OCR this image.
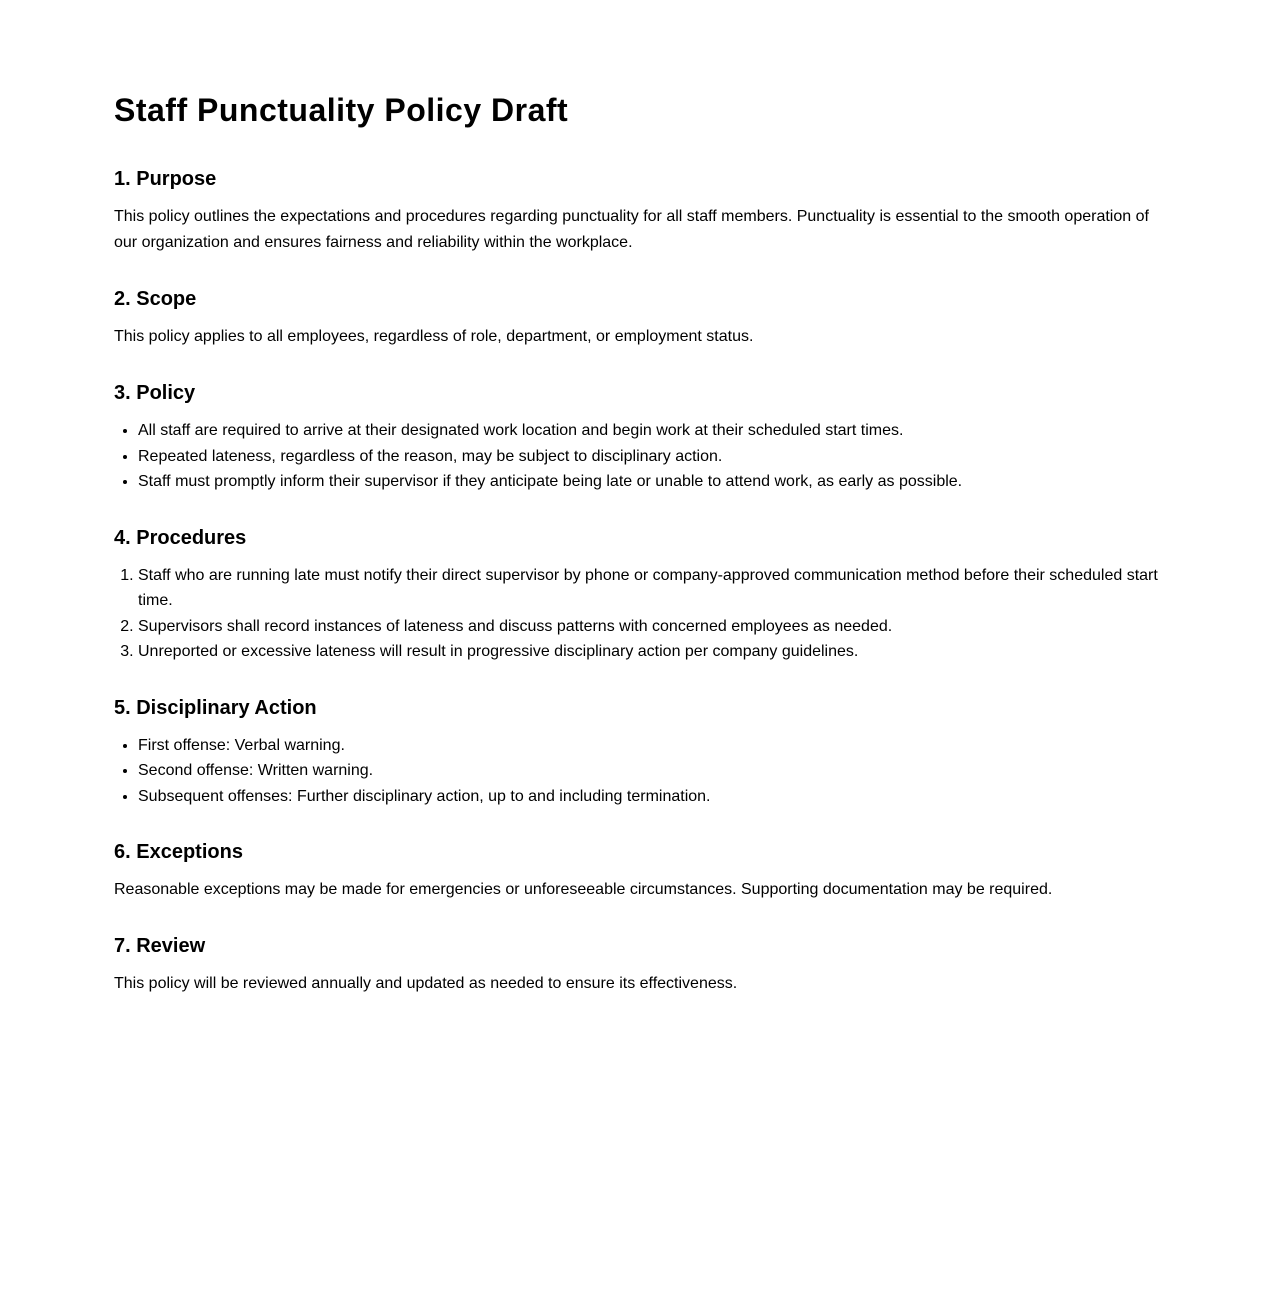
Staff Punctuality Policy Draft
1. Purpose

This policy outlines the expectations and procedures regarding punctuality for all staff members. Punctuality is essential to the smooth operation of our organization and ensures fairness and reliability within the workplace.

2. Scope

This policy applies to all employees, regardless of role, department, or employment status.

3. Policy
• All staff are required to arrive at their designated work location and begin work at their scheduled start times.
• Repeated lateness, regardless of the reason, may be subject to disciplinary action.
• Staff must promptly inform their supervisor if they anticipate being late or unable to attend work, as early as possible.
4. Procedures
1. Staff who are running late must notify their direct supervisor by phone or company-approved communication method before their scheduled start time.
2. Supervisors shall record instances of lateness and discuss patterns with concerned employees as needed.
3. Unreported or excessive lateness will result in progressive disciplinary action per company guidelines.
5. Disciplinary Action
• First offense: Verbal warning.
• Second offense: Written warning.
• Subsequent offenses: Further disciplinary action, up to and including termination.
6. Exceptions

Reasonable exceptions may be made for emergencies or unforeseeable circumstances. Supporting documentation may be required.

7. Review

This policy will be reviewed annually and updated as needed to ensure its effectiveness.
